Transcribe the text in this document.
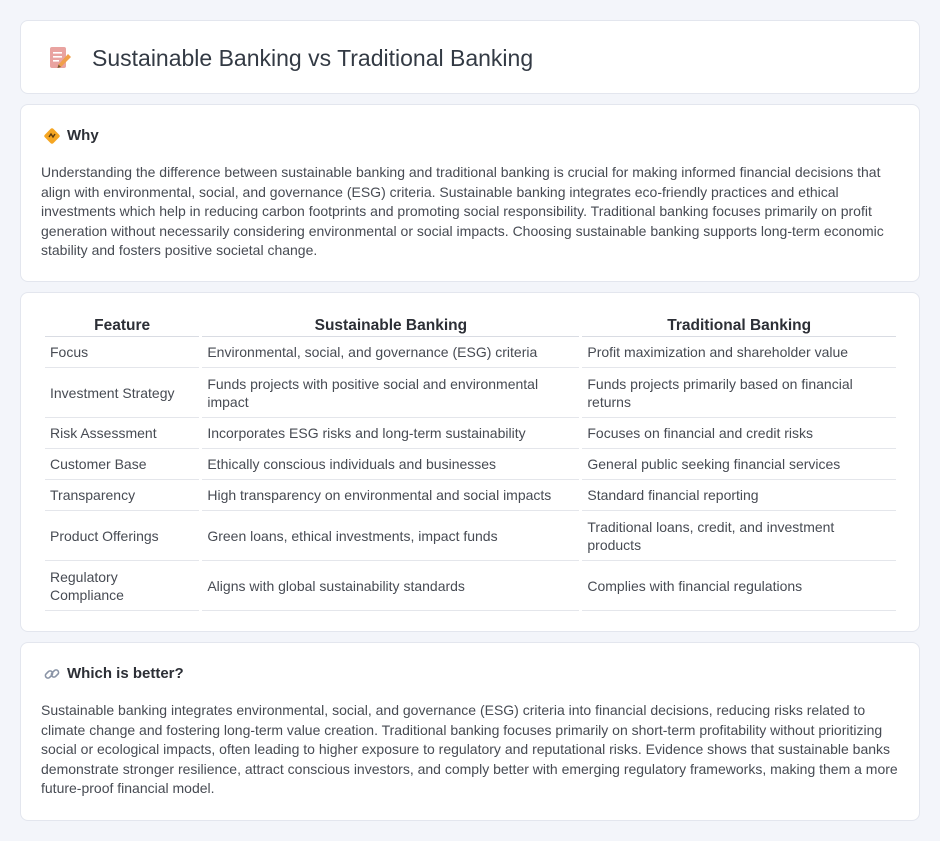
Sustainable Banking vs Traditional Banking
Why

Understanding the difference between sustainable banking and traditional banking is crucial for making informed financial decisions that align with environmental, social, and governance (ESG) criteria. Sustainable banking integrates eco-friendly practices and ethical investments which help in reducing carbon footprints and promoting social responsibility. Traditional banking focuses primarily on profit generation without necessarily considering environmental or social impacts. Choosing sustainable banking supports long-term economic stability and fosters positive societal change.

Feature	Sustainable Banking	Traditional Banking
Focus	Environmental, social, and governance (ESG) criteria	Profit maximization and shareholder value
Investment Strategy	Funds projects with positive social and environmental impact	Funds projects primarily based on financial returns
Risk Assessment	Incorporates ESG risks and long-term sustainability	Focuses on financial and credit risks
Customer Base	Ethically conscious individuals and businesses	General public seeking financial services
Transparency	High transparency on environmental and social impacts	Standard financial reporting
Product Offerings	Green loans, ethical investments, impact funds	Traditional loans, credit, and investment products
Regulatory Compliance	Aligns with global sustainability standards	Complies with financial regulations
Which is better?

Sustainable banking integrates environmental, social, and governance (ESG) criteria into financial decisions, reducing risks related to climate change and fostering long-term value creation. Traditional banking focuses primarily on short-term profitability without prioritizing social or ecological impacts, often leading to higher exposure to regulatory and reputational risks. Evidence shows that sustainable banks demonstrate stronger resilience, attract conscious investors, and comply better with emerging regulatory frameworks, making them a more future-proof financial model.
